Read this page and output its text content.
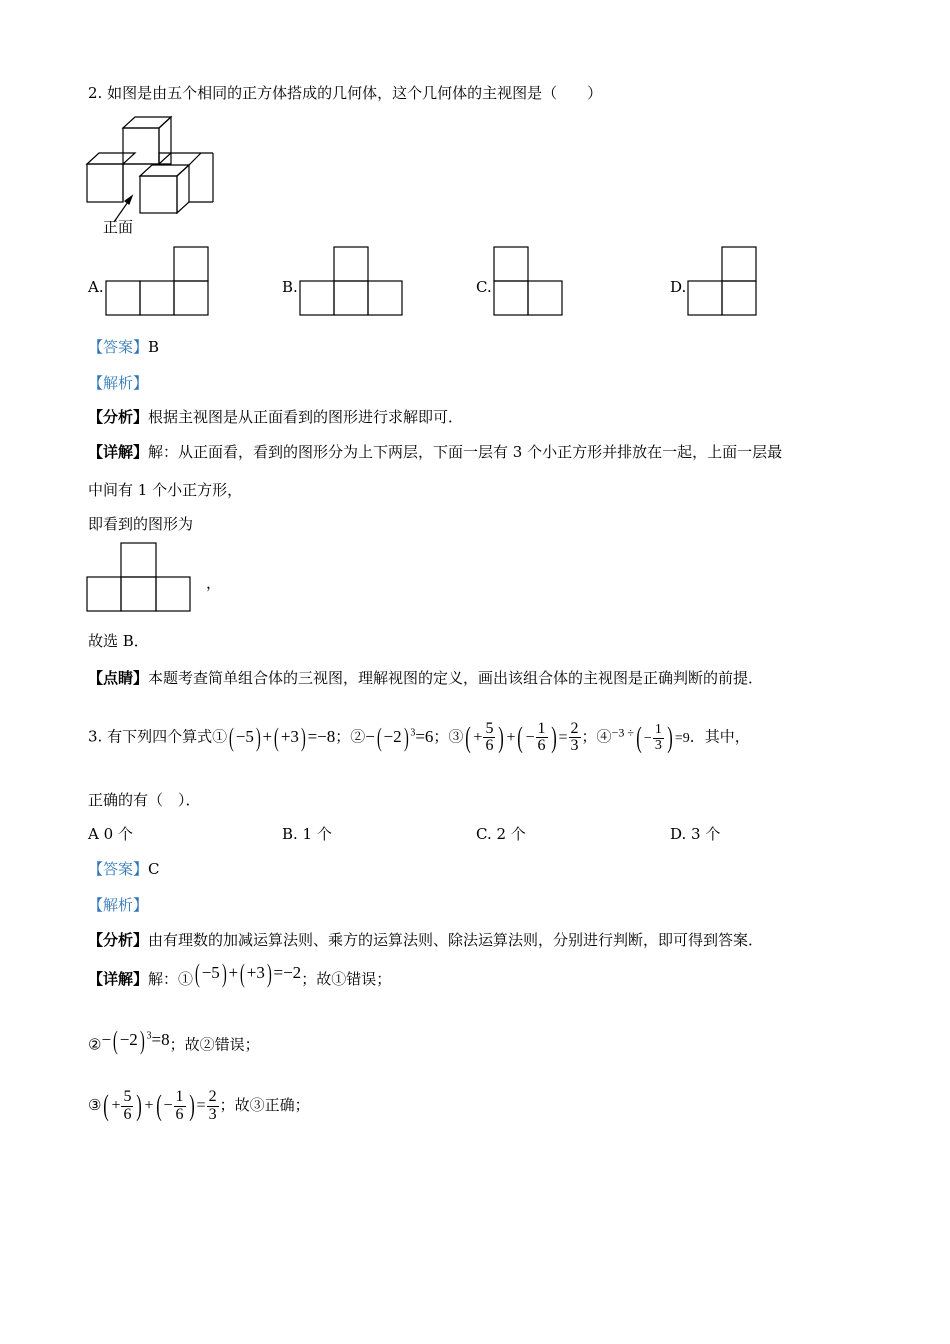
2. 如图是由五个相同的正方体搭成的几何体，这个几何体的主视图是（　　）
正面
A.	B.	C.	D.
【答案】B
【解析】
【分析】根据主视图是从正面看到的图形进行求解即可．
【详解】解：从正面看，看到的图形分为上下两层，下面一层有 3 个小正方形并排放在一起，上面一层最
中间有 1 个小正方形，
即看到的图形为
，
故选 B．
【点睛】本题考查简单组合体的三视图，理解视图的定义，画出该组合体的主视图是正确判断的前提．
3. 有下列四个算式①( −5) +( +3) =−8；②−( −2) $^3$=6；③( + $\frac{5}{6}$ ) +( − $\frac{1}{6}$ ) = $\frac{2}{3}$ ；④$^{-3 \div}$( − $\frac{1}{3}$ ) =9．其中，
正确的有（　）．
A 0 个	B. 1 个	C. 2 个	D. 3 个
【答案】C
【解析】
【分析】由有理数的加减运算法则、乘方的运算法则、除法运算法则，分别进行判断，即可得到答案．
【详解】解：①( −5) +( +3) =−2；故①错误；
②−( −2) $^3$=8；故②错误；
③( + $\frac{5}{6}$ ) +( − $\frac{1}{6}$ ) = $\frac{2}{3}$ ；故③正确；
